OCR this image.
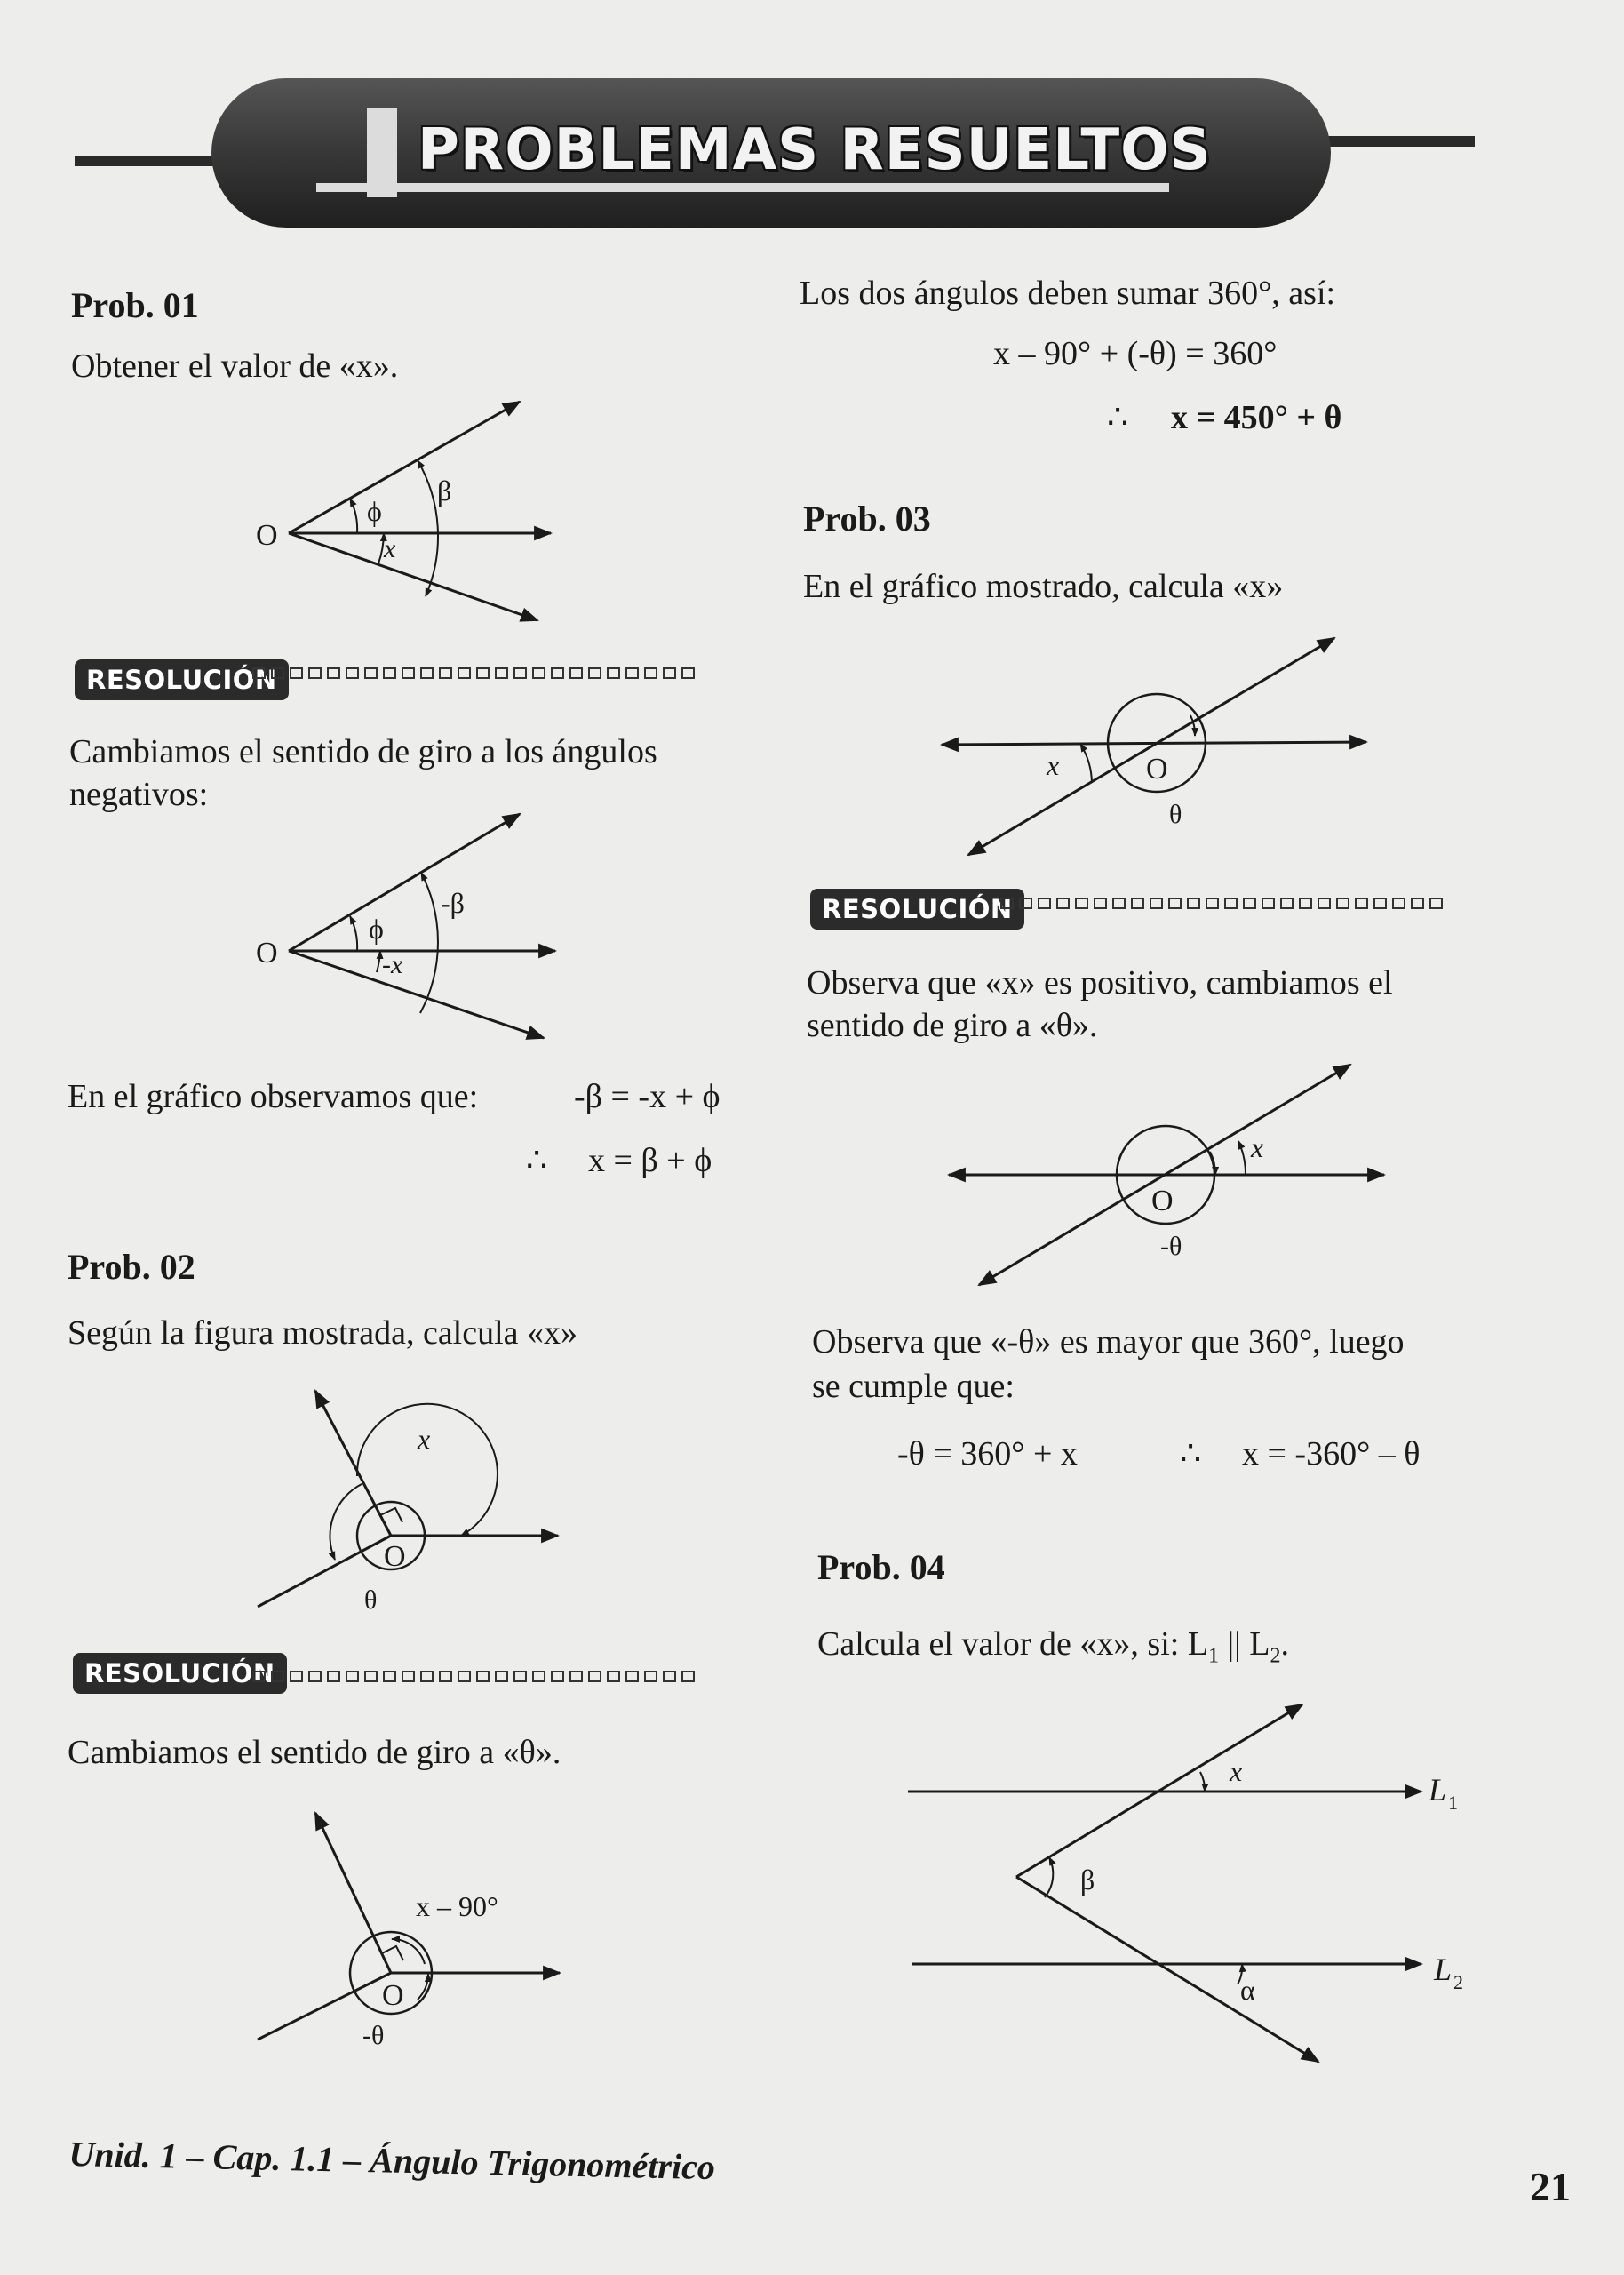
PROBLEMAS RESUELTOS
Prob. 01
Obtener el valor de «x».
O
ϕ
β
x
RESOLUCIÓN
Cambiamos el sentido de giro a los ángulos
negativos:
O
ϕ
-β
-x
En el gráfico observamos que:	-β = -x + ϕ
∴ x = β + ϕ
Prob. 02
Según la figura mostrada, calcula «x»
x
O
θ
RESOLUCIÓN
Cambiamos el sentido de giro a «θ».
x – 90°
O
-θ
Los dos ángulos deben sumar 360°, así:
x – 90° + (-θ) = 360°
∴ x = 450° + θ
Prob. 03
En el gráfico mostrado, calcula «x»
x	O
θ
RESOLUCIÓN
Observa que «x» es positivo, cambiamos el
sentido de giro a «θ».
x
O
-θ
Observa que «-θ» es mayor que 360°, luego
se cumple que:
-θ = 360° + x	∴ x = -360° – θ
Prob. 04
Calcula el valor de «x», si: $L_1$ || $L_2$.
x
β
α
L 1
L 2
Unid. 1 – Cap. 1.1 – Ángulo Trigonométrico	21
